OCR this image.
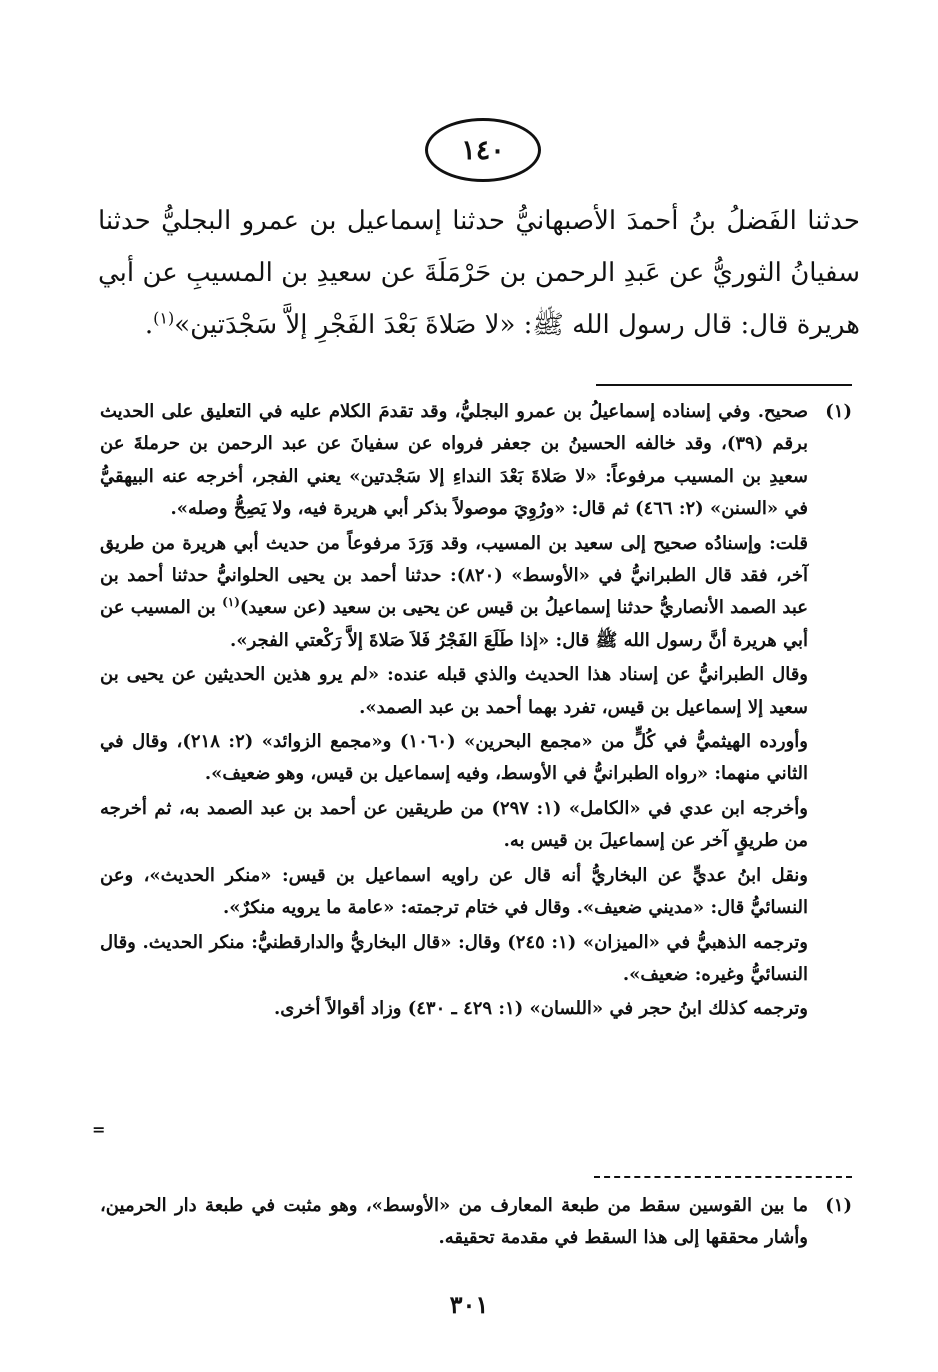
١٤٠
حدثنا الفَضلُ بنُ أحمدَ الأصبهانيُّ حدثنا إسماعيل بن عمرو البجليُّ حدثنا سفيانُ الثوريُّ عن عَبدِ الرحمن بن حَرْمَلَةَ عن سعيدِ بن المسيبِ عن أبي هريرة قال: قال رسول الله ﷺ: «لا صَلاةَ بَعْدَ الفَجْرِ إلاَّ سَجْدَتين»$^{(١)}$.
(١)

صحيح. وفي إسناده إسماعيلُ بن عمرو البجليُّ، وقد تقدمَ الكلام عليه في التعليق على الحديث برقم (٣٩)، وقد خالفه الحسينُ بن جعفر فرواه عن سفيانَ عن عبد الرحمن بن حرملةَ عن سعيدِ بن المسيب مرفوعاً: «لا صَلاةَ بَعْدَ النداءِ إلا سَجْدتين» يعني الفجر، أخرجه عنه البيهقيُّ في «السنن» (٢: ٤٦٦) ثم قال: «ورُوِيَ موصولاً بذكر أبي هريرة فيه، ولا يَصِحُّ وصله».

قلت: وإسنادُه صحيح إلى سعيد بن المسيب، وقد وَرَدَ مرفوعاً من حديث أبي هريرة من طريق آخر، فقد قال الطبرانيُّ في «الأوسط» (٨٢٠): حدثنا أحمد بن يحيى الحلوانيُّ حدثنا أحمد بن عبد الصمد الأنصاريُّ حدثنا إسماعيلُ بن قيس عن يحيى بن سعيد (عن سعيد)$^{(١)}$ بن المسيب عن أبي هريرة أنَّ رسول الله ﷺ قال: «إذا طَلَعَ الفَجْرُ فَلاَ صَلاةَ إلاَّ رَكْعتي الفجر».

وقال الطبرانيُّ عن إسناد هذا الحديث والذي قبله عنده: «لم يرو هذين الحديثين عن يحيى بن سعيد إلا إسماعيل بن قيس، تفرد بهما أحمد بن عبد الصمد».

وأورده الهيثميُّ في كُلٍّ من «مجمع البحرين» (١٠٦٠) و«مجمع الزوائد» (٢: ٢١٨)، وقال في الثاني منهما: «رواه الطبرانيُّ في الأوسط، وفيه إسماعيل بن قيس، وهو ضعيف».

وأخرجه ابن عدي في «الكامل» (١: ٢٩٧) من طريقين عن أحمد بن عبد الصمد به، ثم أخرجه من طريقٍ آخر عن إسماعيلَ بن قيس به.

ونقل ابنُ عديٍّ عن البخاريُّ أنه قال عن راويه اسماعيل بن قيس: «منكر الحديث»، وعن النسائيُّ قال: «مديني ضعيف». وقال في ختام ترجمته: «عامة ما يرويه منكرٌ».

وترجمه الذهبيُّ في «الميزان» (١: ٢٤٥) وقال: «قال البخاريُّ والدارقطنيُّ: منكر الحديث. وقال النسائيُّ وغيره: ضعيف».

وترجمه كذلك ابنُ حجر في «اللسان» (١: ٤٢٩ ـ ٤٣٠) وزاد أقوالاً أخرى.

=
(١)

ما بين القوسين سقط من طبعة المعارف من «الأوسط»، وهو مثبت في طبعة دار الحرمين، وأشار محققها إلى هذا السقط في مقدمة تحقيقه.

٣٠١
